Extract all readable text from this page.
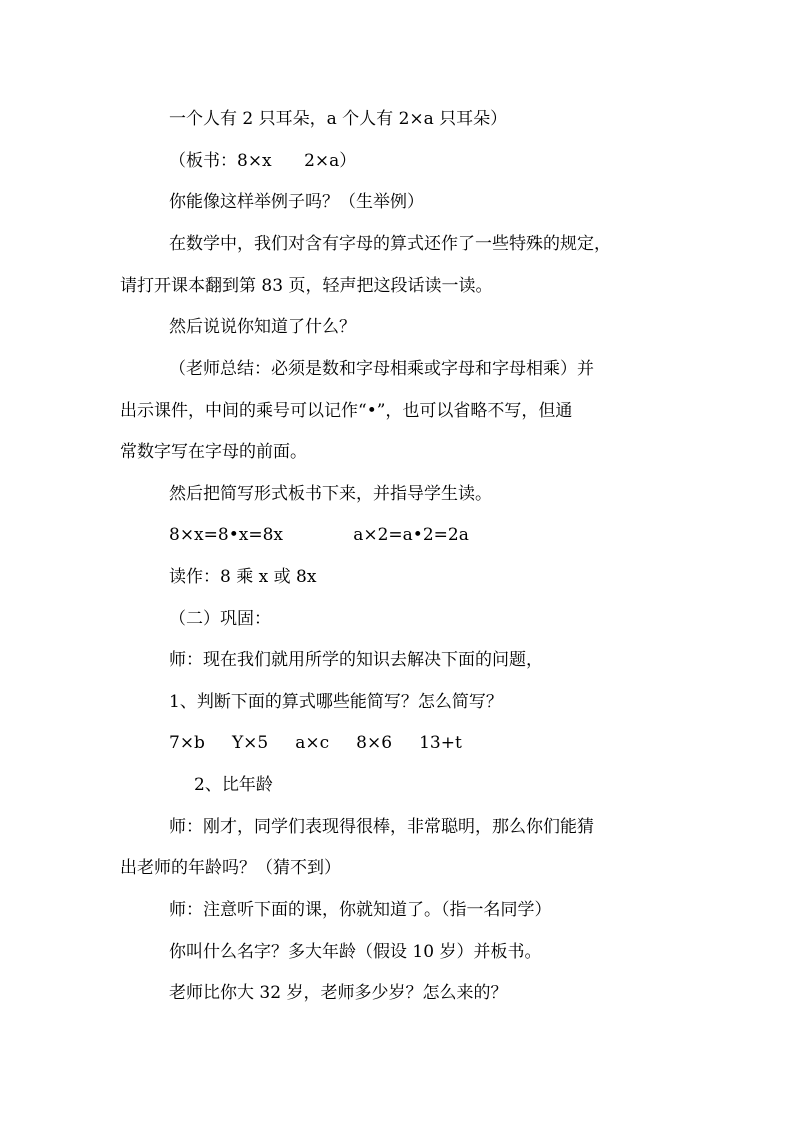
一个人有 2 只耳朵，a 个人有 2×a 只耳朵）
（板书：8×x      2×a）
你能像这样举例子吗？（生举例）
在数学中，我们对含有字母的算式还作了一些特殊的规定，
请打开课本翻到第 83 页，轻声把这段话读一读。
然后说说你知道了什么？
（老师总结：必须是数和字母相乘或字母和字母相乘）并
出示课件，中间的乘号可以记作“•”，也可以省略不写，但通
常数字写在字母的前面。
然后把简写形式板书下来，并指导学生读。
8×x=8•x=8x             a×2=a•2=2a
读作：8 乘 x 或 8x
（二）巩固：
师：现在我们就用所学的知识去解决下面的问题，
1、判断下面的算式哪些能简写？怎么简写？
7×b     Y×5     a×c     8×6     13+t
2、比年龄
师：刚才，同学们表现得很棒，非常聪明，那么你们能猜
出老师的年龄吗？（猜不到）
师：注意听下面的课，你就知道了。（指一名同学）
你叫什么名字？多大年龄（假设 10 岁）并板书。
老师比你大 32 岁，老师多少岁？怎么来的？
